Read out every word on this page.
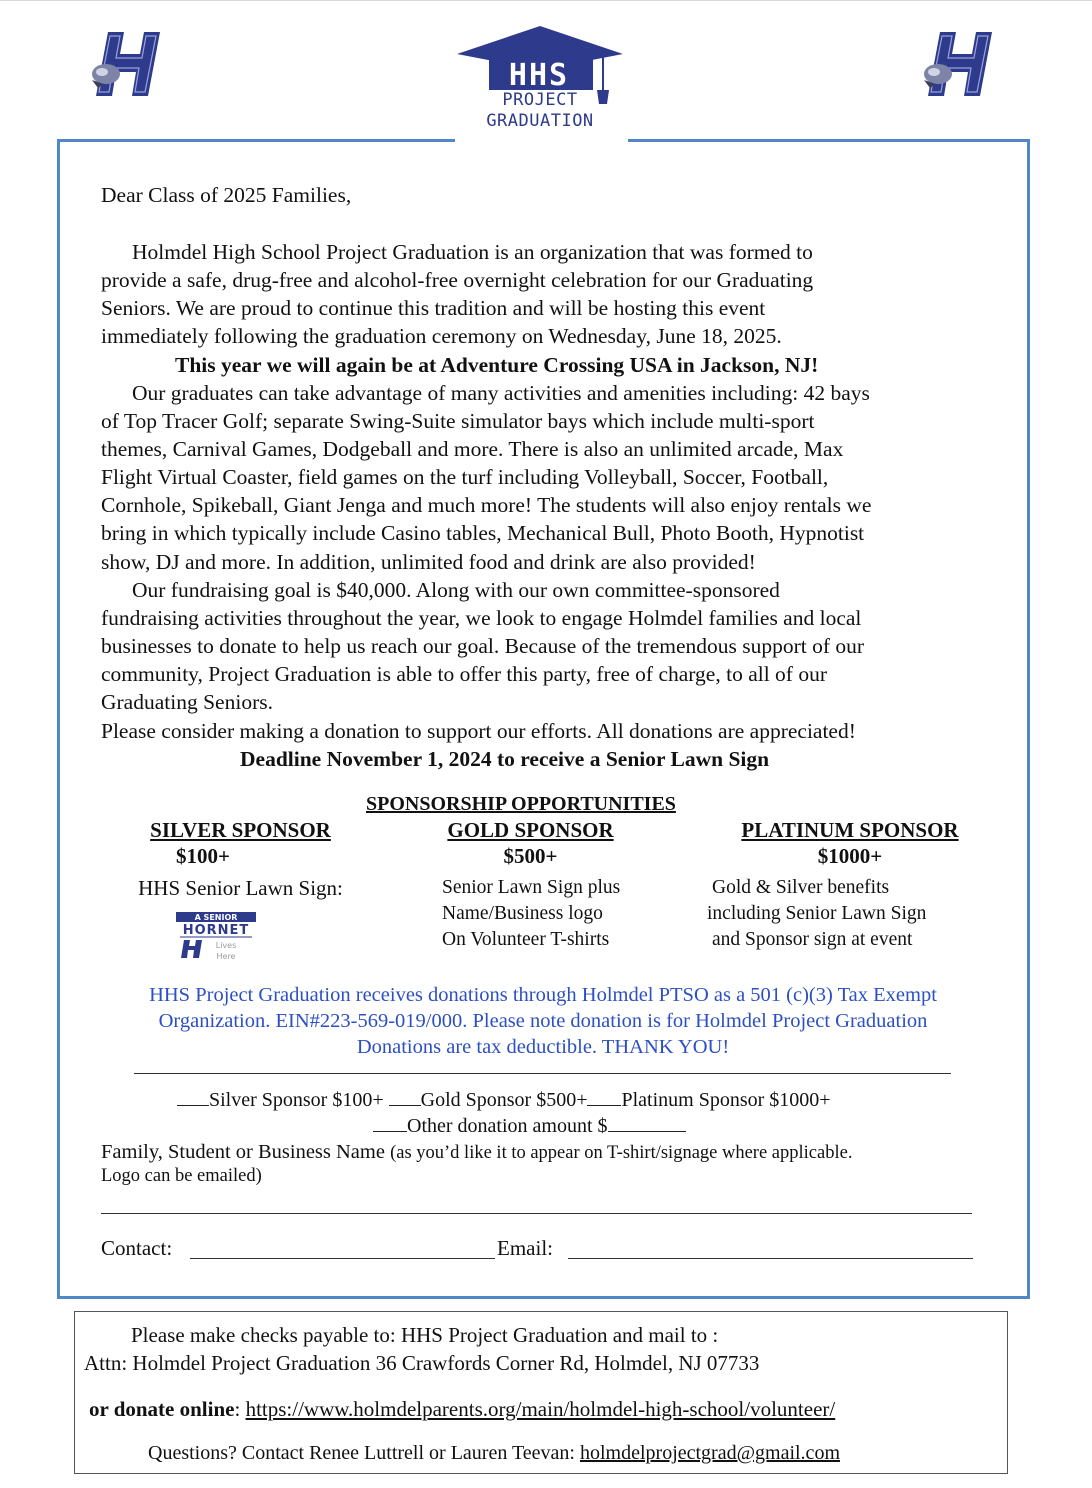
HHS
PROJECT
GRADUATION
Dear Class of 2025 Families,
Holmdel High School Project Graduation is an organization that was formed to
provide a safe, drug-free and alcohol-free overnight celebration for our Graduating
Seniors. We are proud to continue this tradition and will be hosting this event
immediately following the graduation ceremony on Wednesday, June 18, 2025.
This year we will again be at Adventure Crossing USA in Jackson, NJ!
Our graduates can take advantage of many activities and amenities including: 42 bays
of Top Tracer Golf; separate Swing-Suite simulator bays which include multi-sport
themes, Carnival Games, Dodgeball and more. There is also an unlimited arcade, Max
Flight Virtual Coaster, field games on the turf including Volleyball, Soccer, Football,
Cornhole, Spikeball, Giant Jenga and much more! The students will also enjoy rentals we
bring in which typically include Casino tables, Mechanical Bull, Photo Booth, Hypnotist
show, DJ and more. In addition, unlimited food and drink are also provided!
Our fundraising goal is $40,000. Along with our own committee-sponsored
fundraising activities throughout the year, we look to engage Holmdel families and local
businesses to donate to help us reach our goal. Because of the tremendous support of our
community, Project Graduation is able to offer this party, free of charge, to all of our
Graduating Seniors.
Please consider making a donation to support our efforts. All donations are appreciated!
Deadline November 1, 2024 to receive a Senior Lawn Sign
SPONSORSHIP OPPORTUNITIES
SILVER SPONSOR
$100+
HHS Senior Lawn Sign:
GOLD SPONSOR
$500+
Senior Lawn Sign plus
Name/Business logo
On Volunteer T-shirts
PLATINUM SPONSOR
$1000+
Gold & Silver benefits
including Senior Lawn Sign
and Sponsor sign at event
A SENIOR
HORNET
Lives
Here
HHS Project Graduation receives donations through Holmdel PTSO as a 501 (c)(3) Tax Exempt
Organization. EIN#223-569-019/000. Please note donation is for Holmdel Project Graduation
Donations are tax deductible. THANK YOU!
Silver Sponsor $100+ Gold Sponsor $500+ Platinum Sponsor $1000+
Other donation amount $
Family, Student or Business Name (as you’d like it to appear on T-shirt/signage where applicable.
Logo can be emailed)
Contact:	Email:
Please make checks payable to: HHS Project Graduation and mail to :
Attn: Holmdel Project Graduation 36 Crawfords Corner Rd, Holmdel, NJ 07733
or donate online: https://www.holmdelparents.org/main/holmdel-high-school/volunteer/
Questions? Contact Renee Luttrell or Lauren Teevan: holmdelprojectgrad@gmail.com
